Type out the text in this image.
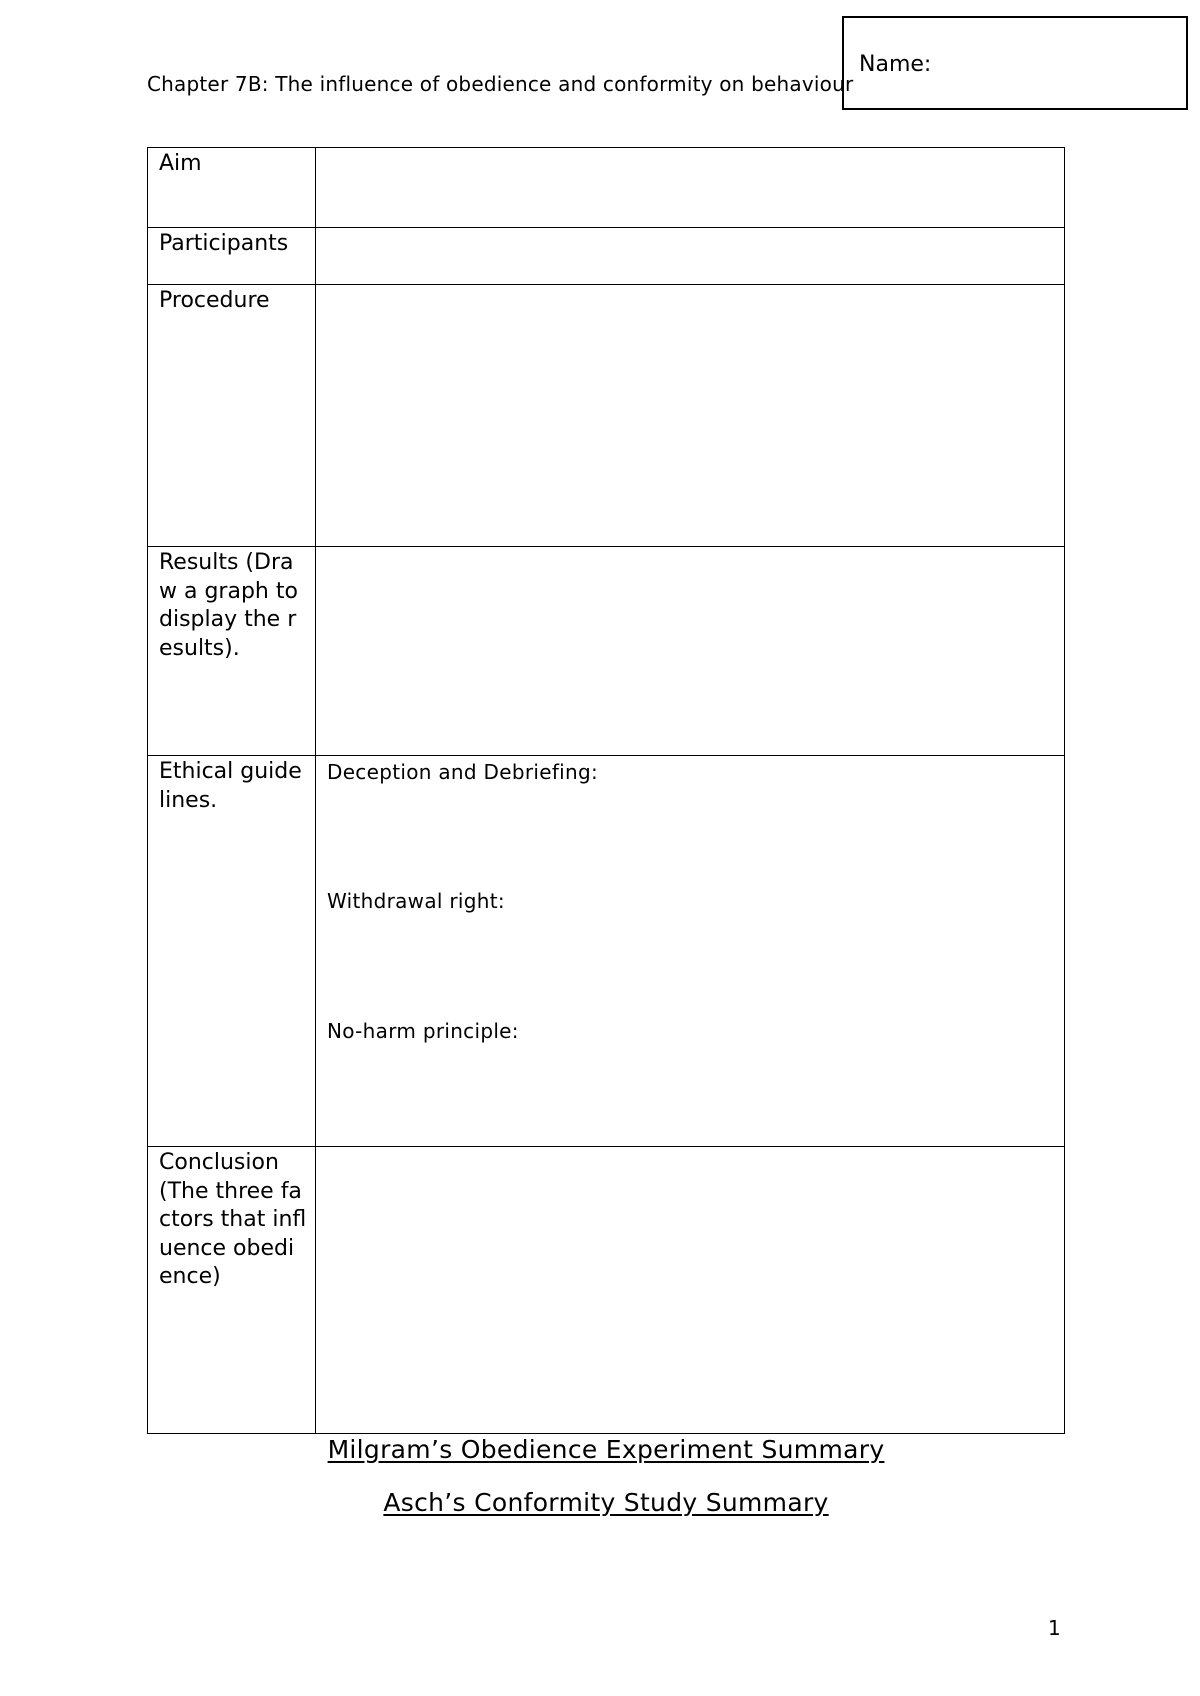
Chapter 7B: The influence of obedience and conformity on behaviour
Name:
Aim	
Participants	
Procedure	
Results (Draw a graph to display the results).	
Ethical guidelines.	Deception and Debriefing:
Withdrawal right:
No-harm principle:

Conclusion (The three factors that influence obedience)	
Milgram’s Obedience Experiment Summary
Asch’s Conformity Study Summary
1
